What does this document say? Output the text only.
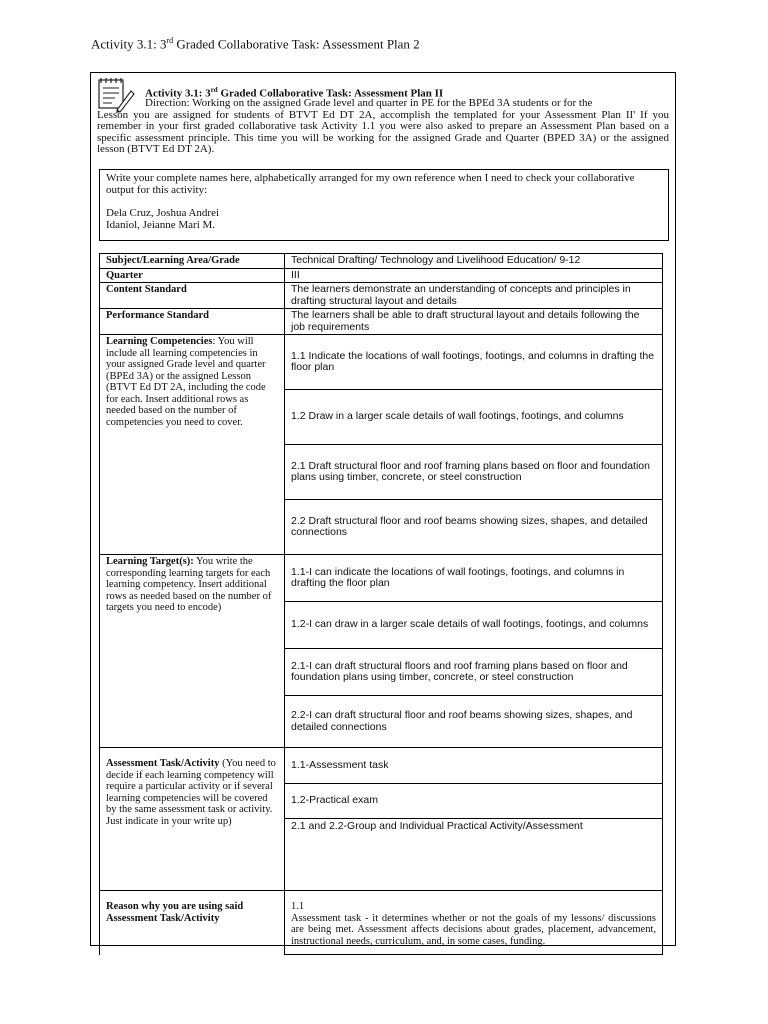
Activity 3.1: 3rd Graded Collaborative Task: Assessment Plan 2
Activity 3.1: 3rd Graded Collaborative Task: Assessment Plan II
Direction: Working on the assigned Grade level and quarter in PE for the BPEd 3A students or for the
Lesson you are assigned for students of BTVT Ed DT 2A, accomplish the templated for your Assessment Plan II' If you remember in your first graded collaborative task Activity 1.1 you were also asked to prepare an Assessment Plan based on a specific assessment principle. This time you will be working for the assigned Grade and Quarter (BPED 3A) or the assigned lesson (BTVT Ed DT 2A).
Write your complete names here, alphabetically arranged for my own reference when I need to check your collaborative output for this activity:
Dela Cruz, Joshua Andrei
Idaniol, Jeianne Mari M.
Subject/Learning Area/Grade	Technical Drafting/ Technology and Livelihood Education/ 9-12
Quarter	III
Content Standard	The learners demonstrate an understanding of concepts and principles in drafting structural layout and details
Performance Standard	The learners shall be able to draft structural layout and details following the job requirements
Learning Competencies: You will include all learning competencies in your assigned Grade level and quarter (BPEd 3A) or the assigned Lesson (BTVT Ed DT 2A, including the code for each. Insert additional rows as needed based on the number of competencies you need to cover.	1.1 Indicate the locations of wall footings, footings, and columns in drafting the floor plan
	1.2 Draw in a larger scale details of wall footings, footings, and columns
	2.1 Draft structural floor and roof framing plans based on floor and foundation plans using timber, concrete, or steel construction
	2.2 Draft structural floor and roof beams showing sizes, shapes, and detailed connections
Learning Target(s): You write the corresponding learning targets for each learning competency. Insert additional rows as needed based on the number of targets you need to encode)	1.1-I can indicate the locations of wall footings, footings, and columns in drafting the floor plan
	1.2-I can draw in a larger scale details of wall footings, footings, and columns
	2.1-I can draft structural floors and roof framing plans based on floor and foundation plans using timber, concrete, or steel construction
	2.2-I can draft structural floor and roof beams showing sizes, shapes, and detailed connections
Assessment Task/Activity (You need to decide if each learning competency will require a particular activity or if several learning competencies will be covered by the same assessment task or activity. Just indicate in your write up)	1.1-Assessment task
	1.2-Practical exam
	2.1 and 2.2-Group and Individual Practical Activity/Assessment
Reason why you are using said Assessment Task/Activity	1.1
Assessment task - it determines whether or not the goals of my lessons/ discussions are being met. Assessment affects decisions about grades, placement, advancement, instructional needs, curriculum, and, in some cases, funding.
